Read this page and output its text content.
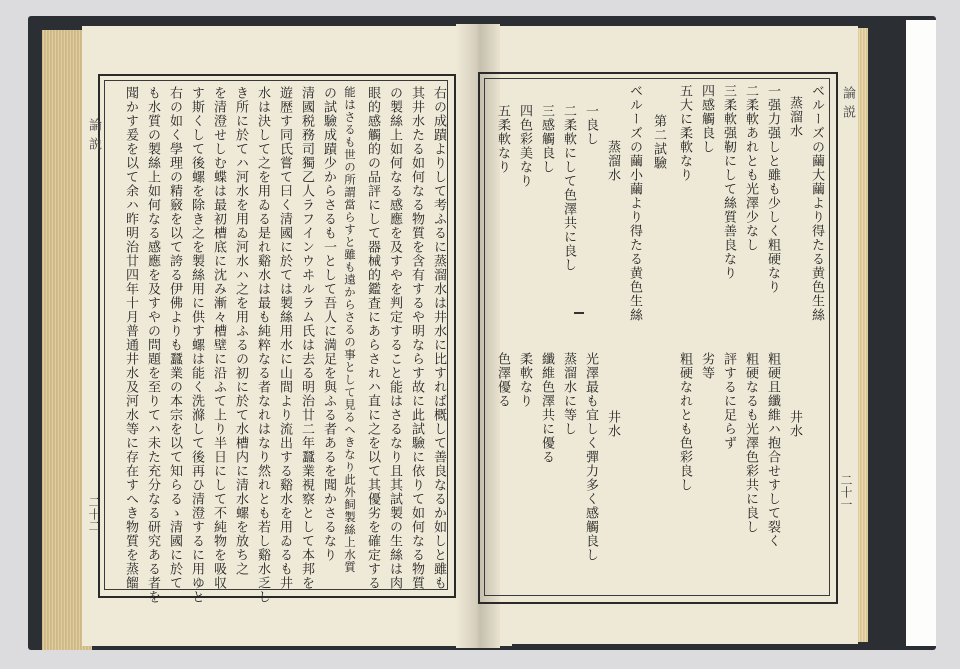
論説
二十二
論説
二十一
右の成蹟よりして考ふるに蒸溜水は井水に比すれば概して善良なるか如しと雖も
其井水たる如何なる物質を含有するや明ならす故に此試驗に依りて如何なる物質
の製絲上如何なる感應を及すやを判定すること能はさるなり且其試製の生絲は肉
眼的感觸的の品評にして器械的鑑査にあらされハ直に之を以て其優劣を確定する
能はさるも世の所謂當らすと雖も遠からさるの事として見るへきなり此外飼製絲上水質
の試驗成蹟少からさるも一として吾人に満足を與ふる者あるを聞かさるなり
清國税務司獨乙人ラフインウヰルラム氏は去る明治廿二年蠶業視察として本邦を
遊歴す同氏嘗て曰く清國に於ては製絲用水に山間より流出する谿水を用ゐるも井
水は決して之を用ゐる是れ谿水は最も純粹なる者なれはなり然れとも若し谿水乏し
き所に於てハ河水を用ゐ河水ハ之を用ふるの初に於て水槽内に清水螺を放ち之
を清澄せしむ蝶は最初槽底に沈み漸々槽壁に沿ふて上り半日にして不純物を吸収
す斯くして後螺を除き之を製絲用に供す螺は能く洗滌して後再ひ清澄するに用ゆと
右の如く學理の精竅を以て誇る伊佛よりも蠶業の本宗を以て知らるゝ清國に於て
も水質の製絲上如何なる感應を及すやの問題を至りてハ未た充分なる研究ある者を
聞かす爰を以て余ハ昨明治廿四年十月普通井水及河水等に存在すへき物質を蒸餾	ベルーズの繭大繭より得たる黄色生絲
蒸溜水
一强力强しと雖も少しく粗硬なり
二柔軟あれとも光澤少なし
三柔軟强靭にして絲質善良なり
四感觸良し
五大に柔軟なり
第二試驗
ベルーズの繭小繭より得たる黄色生絲
蒸溜水
一良し
二柔軟にして色澤共に良し
三感觸良し
四色彩美なり
五柔軟なり
井水
粗硬且纖維ハ抱合せすして裂く
粗硬なるも光澤色彩共に良し
評するに足らず
劣等
粗硬なれとも色彩良し
井水
光澤最も宜しく彈力多く感觸良し
蒸溜水に等し
纖維色澤共に優る
柔軟なり
色澤優る
